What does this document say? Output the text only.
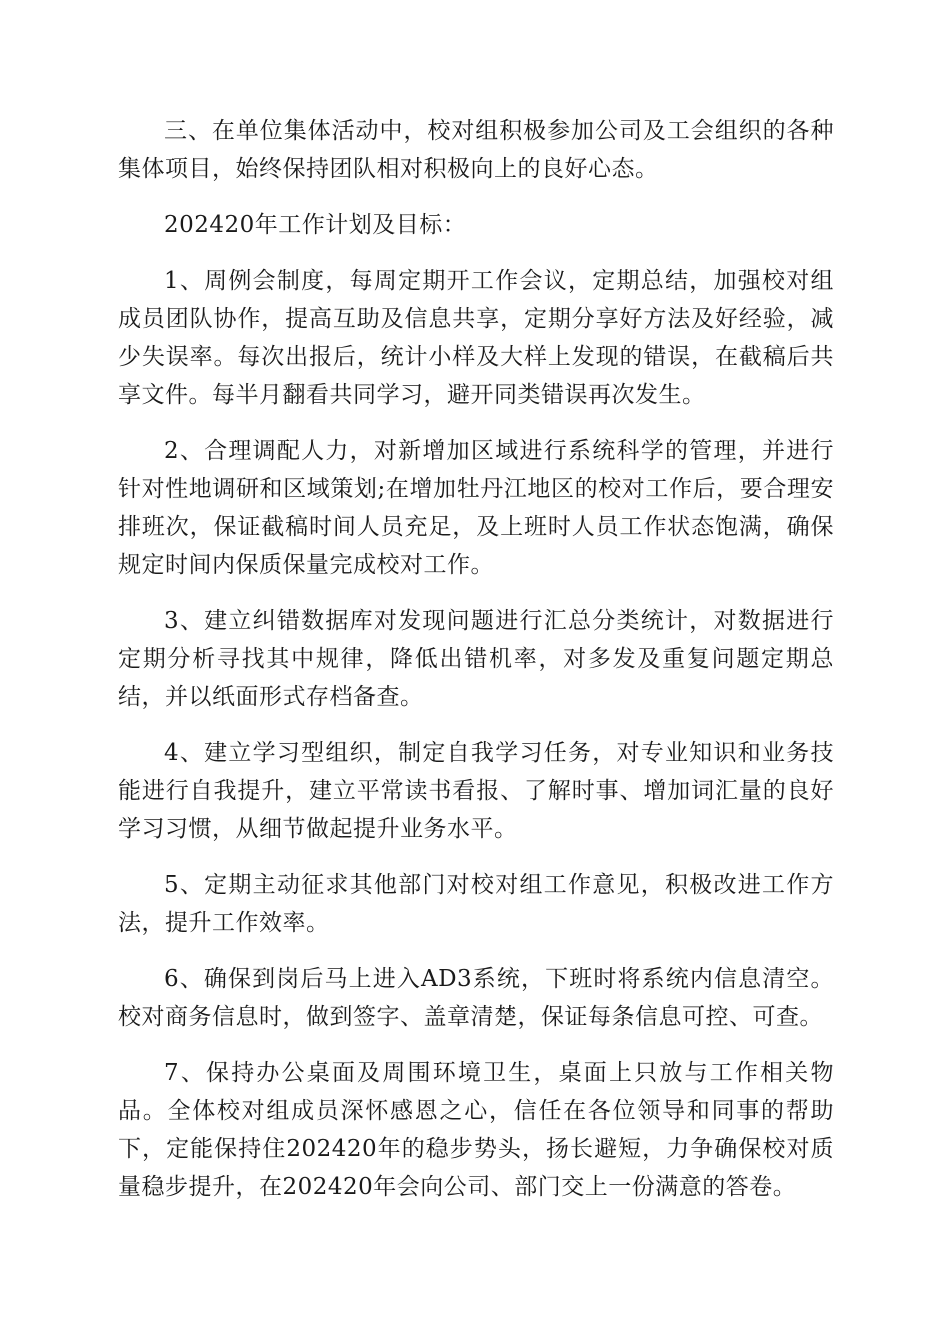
三、在单位集体活动中，校对组积极参加公司及工会组织的各种集体项目，始终保持团队相对积极向上的良好心态。

202420年工作计划及目标：

1、周例会制度，每周定期开工作会议，定期总结，加强校对组成员团队协作，提高互助及信息共享，定期分享好方法及好经验，减少失误率。每次出报后，统计小样及大样上发现的错误，在截稿后共享文件。每半月翻看共同学习，避开同类错误再次发生。

2、合理调配人力，对新增加区域进行系统科学的管理，并进行针对性地调研和区域策划;在增加牡丹江地区的校对工作后，要合理安排班次，保证截稿时间人员充足，及上班时人员工作状态饱满，确保规定时间内保质保量完成校对工作。

3、建立纠错数据库对发现问题进行汇总分类统计，对数据进行定期分析寻找其中规律，降低出错机率，对多发及重复问题定期总结，并以纸面形式存档备查。

4、建立学习型组织，制定自我学习任务，对专业知识和业务技能进行自我提升，建立平常读书看报、了解时事、增加词汇量的良好学习习惯，从细节做起提升业务水平。

5、定期主动征求其他部门对校对组工作意见，积极改进工作方法，提升工作效率。

6、确保到岗后马上进入AD3系统，下班时将系统内信息清空。校对商务信息时，做到签字、盖章清楚，保证每条信息可控、可查。

7、保持办公桌面及周围环境卫生，桌面上只放与工作相关物品。全体校对组成员深怀感恩之心，信任在各位领导和同事的帮助下，定能保持住202420年的稳步势头，扬长避短，力争确保校对质量稳步提升，在202420年会向公司、部门交上一份满意的答卷。
